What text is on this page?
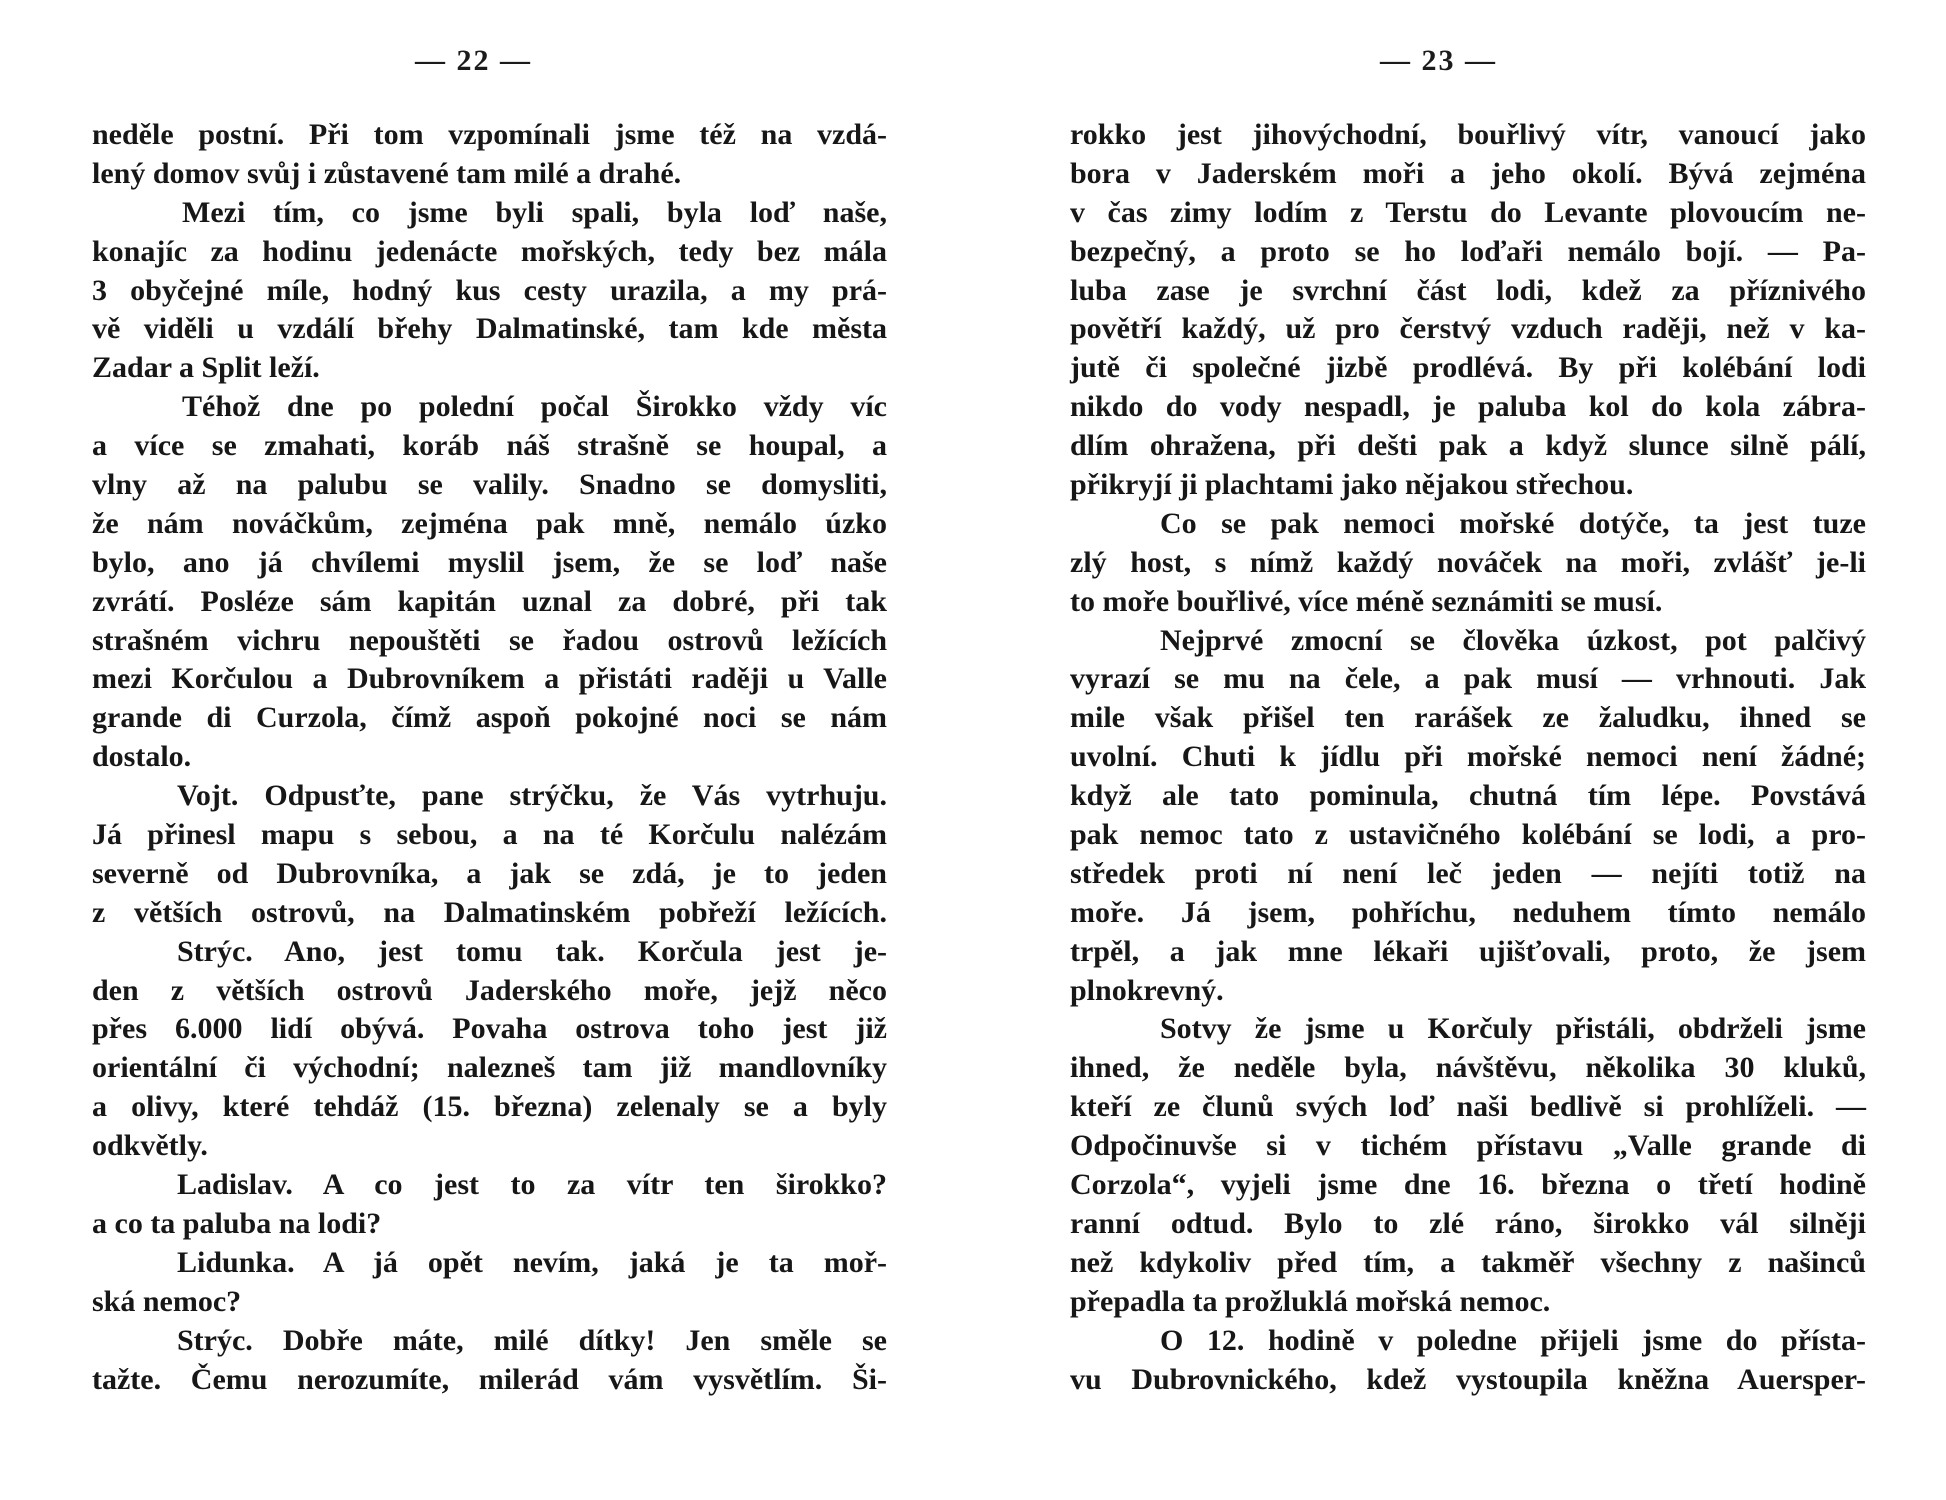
— 22 —
neděle postní. Při tom vzpomínali jsme též na vzdá-
lený domov svůj i zůstavené tam milé a drahé.
Mezi tím, co jsme byli spali, byla loď naše,
konajíc za hodinu jedenácte mořských, tedy bez mála
3 obyčejné míle, hodný kus cesty urazila, a my prá-
vě viděli u vzdálí břehy Dalmatinské, tam kde města
Zadar a Split leží.
Téhož dne po polední počal Širokko vždy víc
a více se zmahati, koráb náš strašně se houpal, a
vlny až na palubu se valily. Snadno se domysliti,
že nám nováčkům, zejména pak mně, nemálo úzko
bylo, ano já chvílemi myslil jsem, že se loď naše
zvrátí. Posléze sám kapitán uznal za dobré, při tak
strašném vichru nepouštěti se řadou ostrovů ležících
mezi Korčulou a Dubrovníkem a přistáti raději u Valle
grande di Curzola, čímž aspoň pokojné noci se nám
dostalo.
Vojt. Odpusťte, pane strýčku, že Vás vytrhuju.
Já přinesl mapu s sebou, a na té Korčulu nalézám
severně od Dubrovníka, a jak se zdá, je to jeden
z větších ostrovů, na Dalmatinském pobřeží ležících.
Strýc. Ano, jest tomu tak. Korčula jest je-
den z větších ostrovů Jaderského moře, jejž něco
přes 6.000 lidí obývá. Povaha ostrova toho jest již
orientální či východní; nalezneš tam již mandlovníky
a olivy, které tehdáž (15. března) zelenaly se a byly
odkvětly.
Ladislav. A co jest to za vítr ten širokko?
a co ta paluba na lodi?
Lidunka. A já opět nevím, jaká je ta moř-
ská nemoc?
Strýc. Dobře máte, milé dítky! Jen směle se
tažte. Čemu nerozumíte, milerád vám vysvětlím. Ši-
— 23 —
rokko jest jihovýchodní, bouřlivý vítr, vanoucí jako
bora v Jaderském moři a jeho okolí. Bývá zejména
v čas zimy lodím z Terstu do Levante plovoucím ne-
bezpečný, a proto se ho loďaři nemálo bojí. — Pa-
luba zase je svrchní část lodi, kdež za příznivého
povětří každý, už pro čerstvý vzduch raději, než v ka-
jutě či společné jizbě prodlévá. By při kolébání lodi
nikdo do vody nespadl, je paluba kol do kola zábra-
dlím ohražena, při dešti pak a když slunce silně pálí,
přikryjí ji plachtami jako nějakou střechou.
Co se pak nemoci mořské dotýče, ta jest tuze
zlý host, s nímž každý nováček na moři, zvlášť je-li
to moře bouřlivé, více méně seznámiti se musí.
Nejprvé zmocní se člověka úzkost, pot palčivý
vyrazí se mu na čele, a pak musí — vrhnouti. Jak
mile však přišel ten rarášek ze žaludku, ihned se
uvolní. Chuti k jídlu při mořské nemoci není žádné;
když ale tato pominula, chutná tím lépe. Povstává
pak nemoc tato z ustavičného kolébání se lodi, a pro-
středek proti ní není leč jeden — nejíti totiž na
moře. Já jsem, pohříchu, neduhem tímto nemálo
trpěl, a jak mne lékaři ujišťovali, proto, že jsem
plnokrevný.
Sotvy že jsme u Korčuly přistáli, obdrželi jsme
ihned, že neděle byla, návštěvu, několika 30 kluků,
kteří ze člunů svých loď naši bedlivě si prohlíželi. —
Odpočinuvše si v tichém přístavu „Valle grande di
Corzola“, vyjeli jsme dne 16. března o třetí hodině
ranní odtud. Bylo to zlé ráno, širokko vál silněji
než kdykoliv před tím, a takměř všechny z našinců
přepadla ta prožluklá mořská nemoc.
O 12. hodině v poledne přijeli jsme do přísta-
vu Dubrovnického, kdež vystoupila kněžna Auersper-
